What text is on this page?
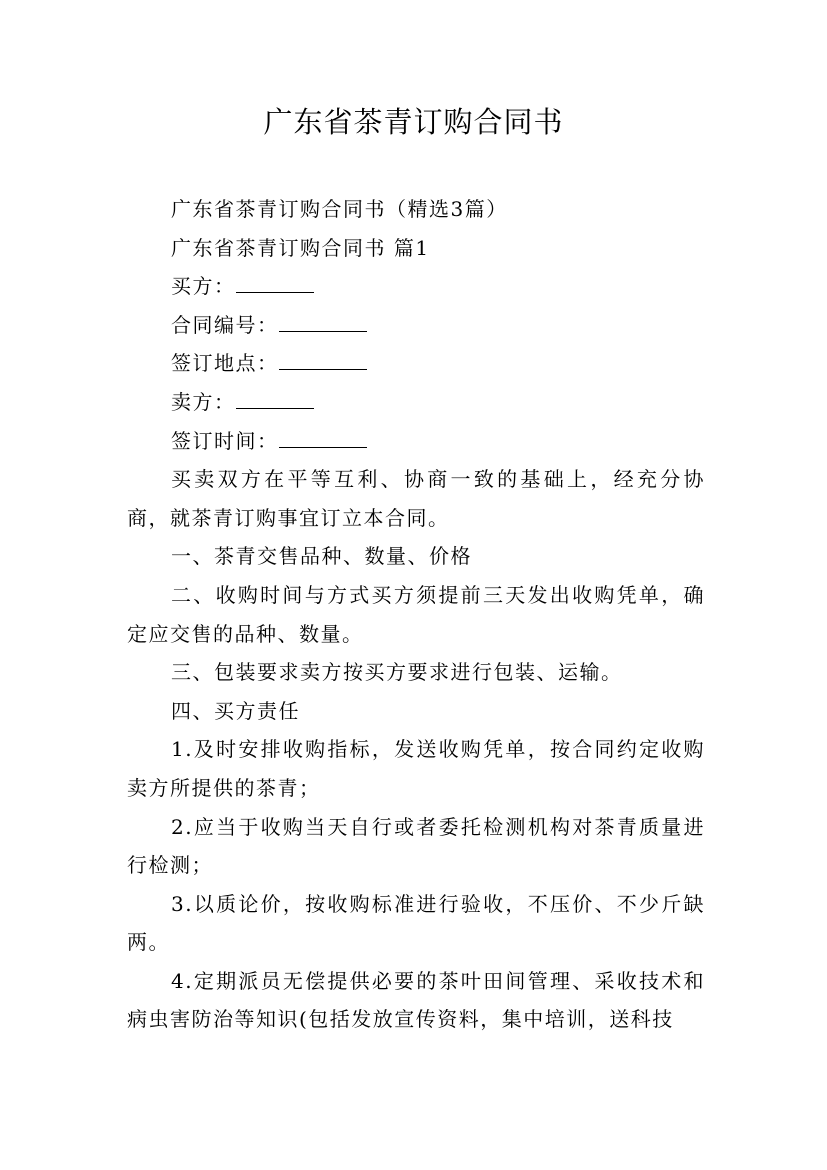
广东省茶青订购合同书

广东省茶青订购合同书（精选3篇）

广东省茶青订购合同书 篇1

买方：

合同编号：

签订地点：

卖方：

签订时间：

买卖双方在平等互利、协商一致的基础上，经充分协商，就茶青订购事宜订立本合同。

一、茶青交售品种、数量、价格

二、收购时间与方式买方须提前三天发出收购凭单，确定应交售的品种、数量。

三、包装要求卖方按买方要求进行包装、运输。

四、买方责任

1.及时安排收购指标，发送收购凭单，按合同约定收购卖方所提供的茶青；

2.应当于收购当天自行或者委托检测机构对茶青质量进行检测；

3.以质论价，按收购标准进行验收，不压价、不少斤缺两。

4.定期派员无偿提供必要的茶叶田间管理、采收技术和病虫害防治等知识(包括发放宣传资料，集中培训，送科技
